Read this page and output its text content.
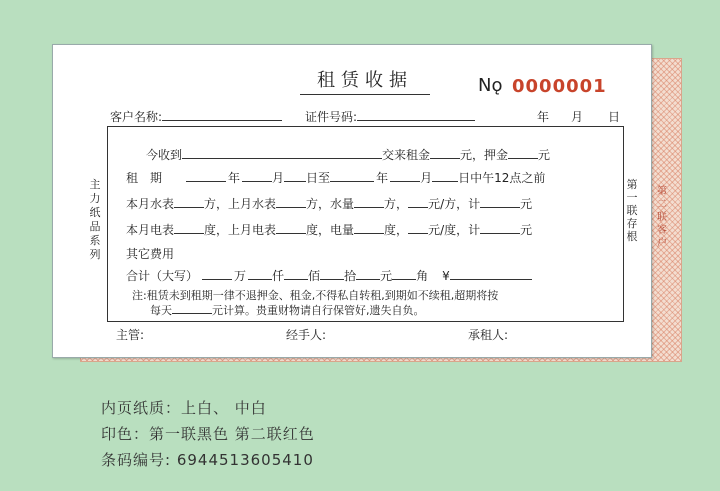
第二联客户
租赁收据	Nǫ 0000001
客户名称:	证件号码:	年 月 日
主力纸品系列
第一联存根
今收到	交来租金	元，押金	元
租　期	年	月 日至	年	月 日中午12点之前
本月水表	方，上月水表	方，水量	方， 元/方，计	元
本月电表	度，上月电表	度，电量	度， 元/度，计	元
其它费用
合计（大写）	万 仟 佰 拾 元 角 ¥
注:租赁未到租期一律不退押金、租金,不得私自转租,到期如不续租,超期将按
每天	元计算。贵重财物请自行保管好,遗失自负。
主管:	经手人:	承租人:
内页纸质：上白、 中白
印色：第一联黑色 第二联红色
条码编号: 6944513605410
